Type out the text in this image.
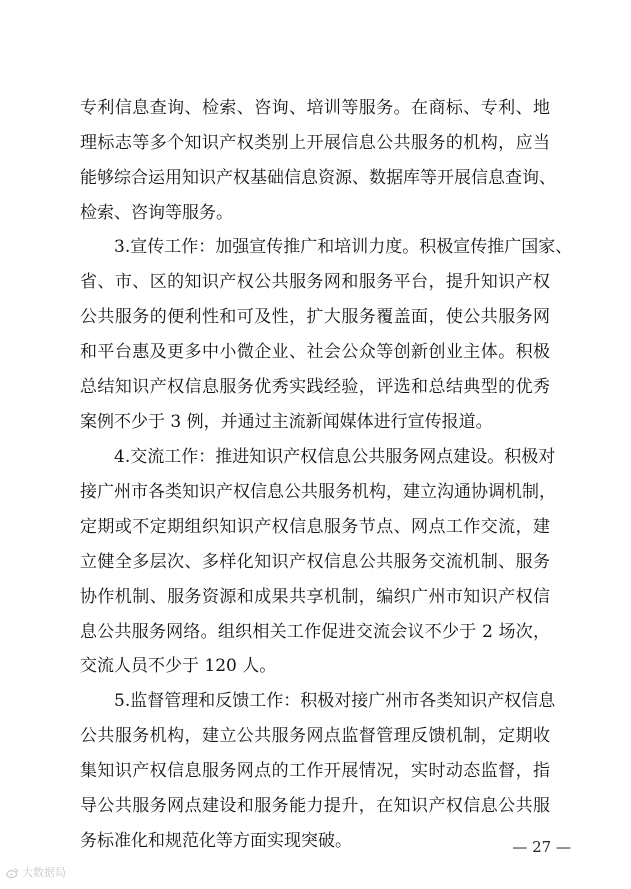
专利信息查询、检索、咨询、培训等服务。在商标、专利、地
理标志等多个知识产权类别上开展信息公共服务的机构，应当
能够综合运用知识产权基础信息资源、数据库等开展信息查询、
检索、咨询等服务。
3.宣传工作：加强宣传推广和培训力度。积极宣传推广国家、
省、市、区的知识产权公共服务网和服务平台，提升知识产权
公共服务的便利性和可及性，扩大服务覆盖面，使公共服务网
和平台惠及更多中小微企业、社会公众等创新创业主体。积极
总结知识产权信息服务优秀实践经验，评选和总结典型的优秀
案例不少于 3 例，并通过主流新闻媒体进行宣传报道。
4.交流工作：推进知识产权信息公共服务网点建设。积极对
接广州市各类知识产权信息公共服务机构，建立沟通协调机制，
定期或不定期组织知识产权信息服务节点、网点工作交流，建
立健全多层次、多样化知识产权信息公共服务交流机制、服务
协作机制、服务资源和成果共享机制，编织广州市知识产权信
息公共服务网络。组织相关工作促进交流会议不少于 2 场次，
交流人员不少于 120 人。
5.监督管理和反馈工作：积极对接广州市各类知识产权信息
公共服务机构，建立公共服务网点监督管理反馈机制，定期收
集知识产权信息服务网点的工作开展情况，实时动态监督，指
导公共服务网点建设和服务能力提升，在知识产权信息公共服
务标准化和规范化等方面实现突破。	— 27 —
大数据局
